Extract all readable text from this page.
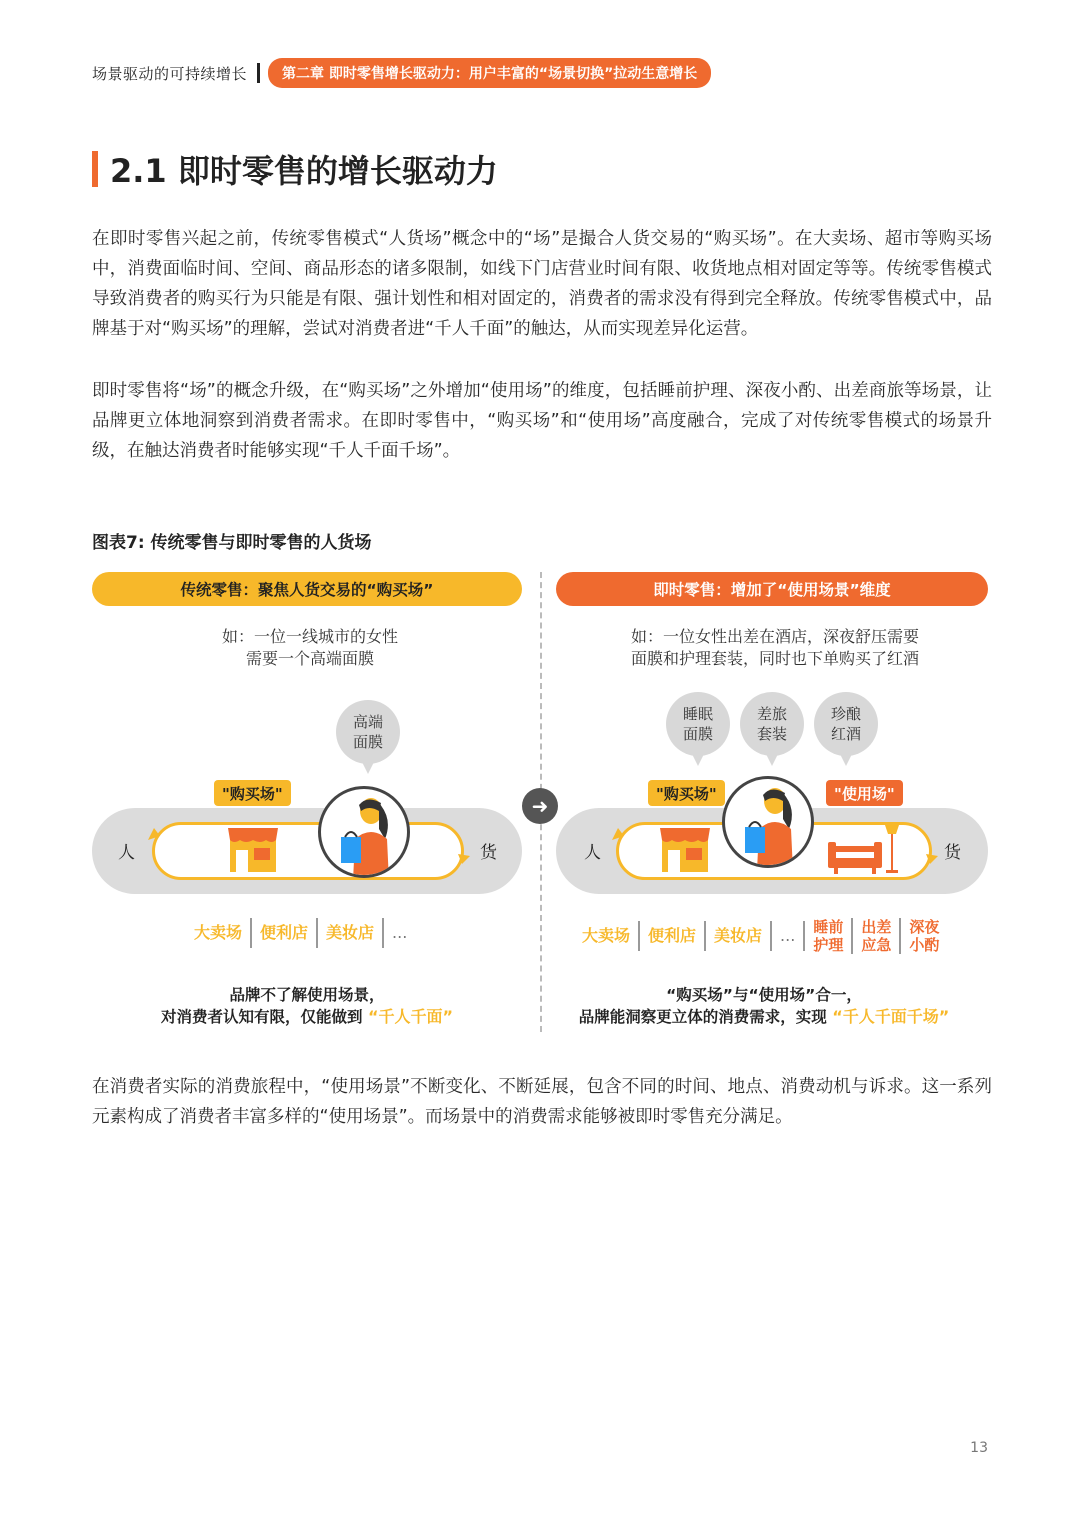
场景驱动的可持续增长	第二章 即时零售增长驱动力：用户丰富的“场景切换”拉动生意增长
2.1 即时零售的增长驱动力

在即时零售兴起之前，传统零售模式“人货场”概念中的“场”是撮合人货交易的“购买场”。在大卖场、超市等购买场中，消费面临时间、空间、商品形态的诸多限制，如线下门店营业时间有限、收货地点相对固定等等。传统零售模式导致消费者的购买行为只能是有限、强计划性和相对固定的，消费者的需求没有得到完全释放。传统零售模式中，品牌基于对“购买场”的理解，尝试对消费者进“千人千面”的触达，从而实现差异化运营。

即时零售将“场”的概念升级，在“购买场”之外增加“使用场”的维度，包括睡前护理、深夜小酌、出差商旅等场景，让品牌更立体地洞察到消费者需求。在即时零售中，“购买场”和“使用场”高度融合，完成了对传统零售模式的场景升级，在触达消费者时能够实现“千人千面千场”。

图表7: 传统零售与即时零售的人货场
传统零售：聚焦人货交易的“购买场”
如：一位一线城市的女性
需要一个高端面膜
高端
面膜
人	货
"购买场"
大卖场	便利店	美妆店	...
品牌不了解使用场景，
对消费者认知有限，仅能做到 “千人千面”
➜
即时零售：增加了“使用场景”维度
如：一位女性出差在酒店，深夜舒压需要
面膜和护理套装，同时也下单购买了红酒
睡眠
面膜
差旅
套装
珍酿
红酒
人	货
"购买场"	"使用场"
大卖场	便利店	美妆店	...	睡前
护理
出差
应急
深夜
小酌
“购买场”与“使用场”合一，
品牌能洞察更立体的消费需求，实现 “千人千面千场”

在消费者实际的消费旅程中，“使用场景”不断变化、不断延展，包含不同的时间、地点、消费动机与诉求。这一系列元素构成了消费者丰富多样的“使用场景”。而场景中的消费需求能够被即时零售充分满足。

13
